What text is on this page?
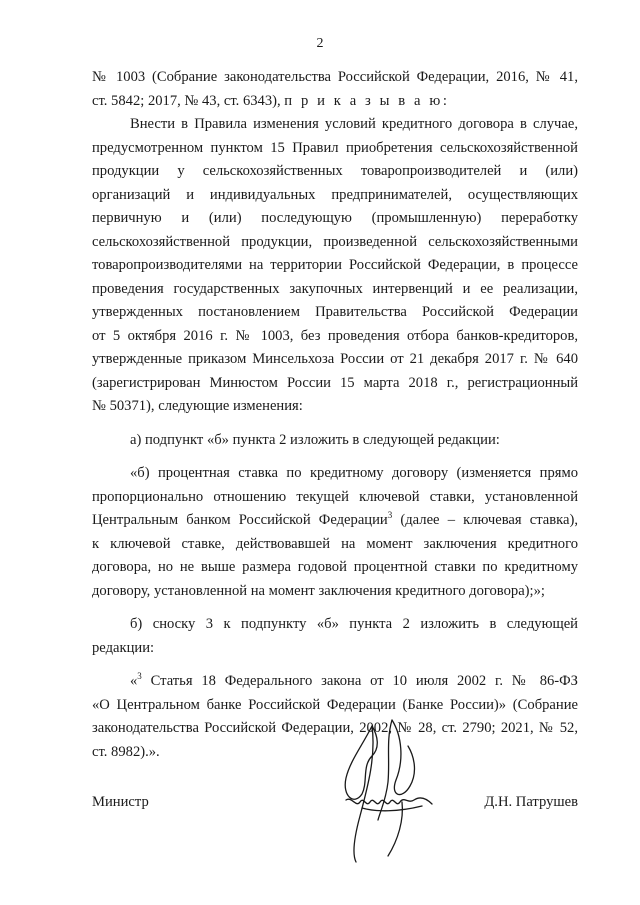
2
№ 1003 (Собрание законодательства Российской Федерации, 2016, № 41,
ст. 5842; 2017, № 43, ст. 6343), п р и к а з ы в а ю:
Внести в Правила изменения условий кредитного договора в случае,
предусмотренном пунктом 15 Правил приобретения сельскохозяйственной
продукции у сельскохозяйственных товаропроизводителей и (или)
организаций и индивидуальных предпринимателей, осуществляющих
первичную и (или) последующую (промышленную) переработку
сельскохозяйственной продукции, произведенной сельскохозяйственными
товаропроизводителями на территории Российской Федерации, в процессе
проведения государственных закупочных интервенций и ее реализации,
утвержденных постановлением Правительства Российской Федерации
от 5 октября 2016 г. № 1003, без проведения отбора банков-кредиторов,
утвержденные приказом Минсельхоза России от 21 декабря 2017 г. № 640
(зарегистрирован Минюстом России 15 марта 2018 г., регистрационный
№ 50371), следующие изменения:
а) подпункт «б» пункта 2 изложить в следующей редакции:
«б) процентная ставка по кредитному договору (изменяется прямо
пропорционально отношению текущей ключевой ставки, установленной
Центральным банком Российской Федерации$^3$ (далее – ключевая ставка),
к ключевой ставке, действовавшей на момент заключения кредитного
договора, но не выше размера годовой процентной ставки по кредитному
договору, установленной на момент заключения кредитного договора);»;
б) сноску 3 к подпункту «б» пункта 2 изложить в следующей
редакции:
«$^3$ Статья 18 Федерального закона от 10 июля 2002 г. № 86-ФЗ
«О Центральном банке Российской Федерации (Банке России)» (Собрание
законодательства Российской Федерации, 2002, № 28, ст. 2790; 2021, № 52,
ст. 8982).».
Министр	Д.Н. Патрушев
